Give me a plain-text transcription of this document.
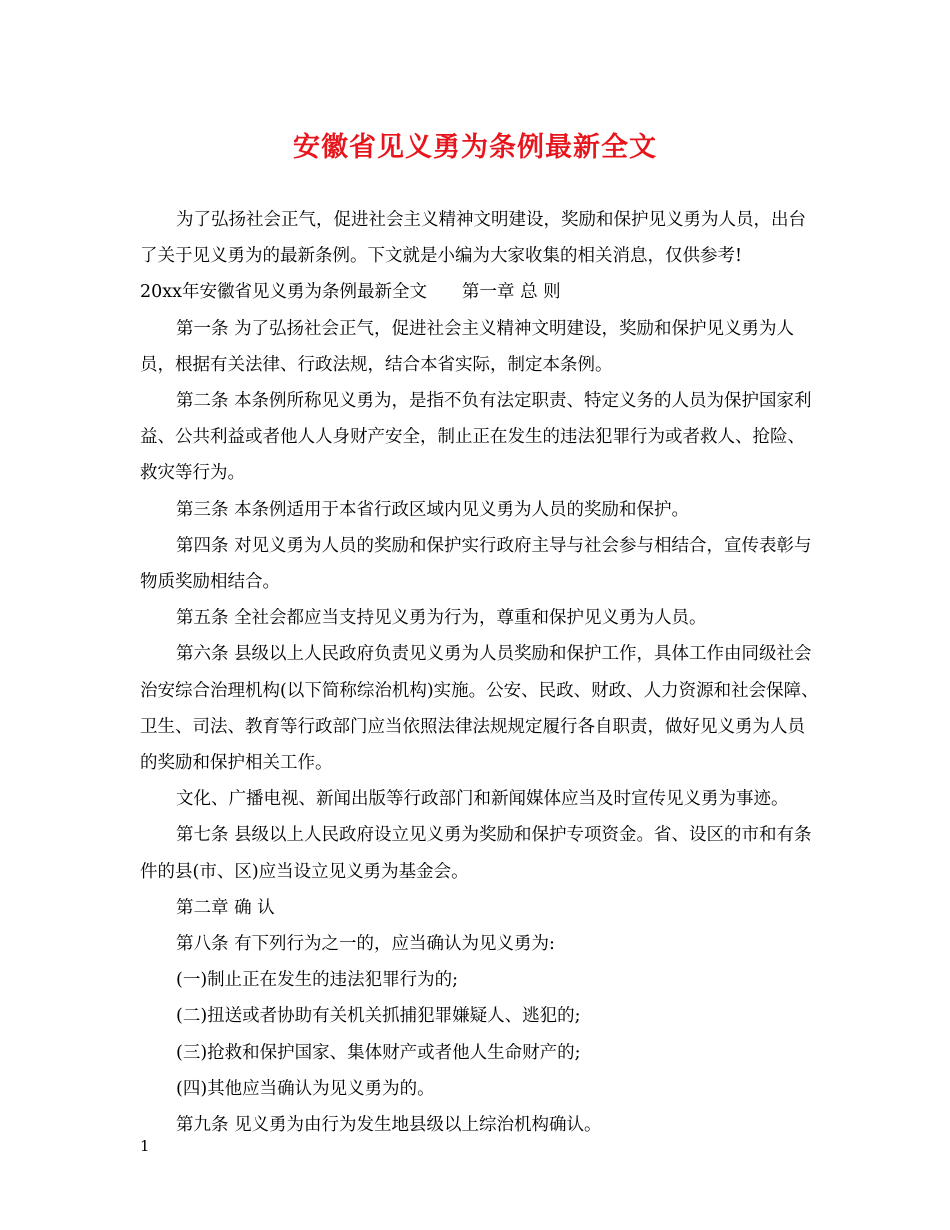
安徽省见义勇为条例最新全文

为了弘扬社会正气，促进社会主义精神文明建设，奖励和保护见义勇为人员，出台了关于见义勇为的最新条例。下文就是小编为大家收集的相关消息，仅供参考!

20xx年安徽省见义勇为条例最新全文　　第一章 总 则

第一条 为了弘扬社会正气，促进社会主义精神文明建设，奖励和保护见义勇为人员，根据有关法律、行政法规，结合本省实际，制定本条例。

第二条 本条例所称见义勇为，是指不负有法定职责、特定义务的人员为保护国家利益、公共利益或者他人人身财产安全，制止正在发生的违法犯罪行为或者救人、抢险、救灾等行为。

第三条 本条例适用于本省行政区域内见义勇为人员的奖励和保护。

第四条 对见义勇为人员的奖励和保护实行政府主导与社会参与相结合，宣传表彰与物质奖励相结合。

第五条 全社会都应当支持见义勇为行为，尊重和保护见义勇为人员。

第六条 县级以上人民政府负责见义勇为人员奖励和保护工作，具体工作由同级社会治安综合治理机构(以下简称综治机构)实施。公安、民政、财政、人力资源和社会保障、卫生、司法、教育等行政部门应当依照法律法规规定履行各自职责，做好见义勇为人员的奖励和保护相关工作。

文化、广播电视、新闻出版等行政部门和新闻媒体应当及时宣传见义勇为事迹。

第七条 县级以上人民政府设立见义勇为奖励和保护专项资金。省、设区的市和有条件的县(市、区)应当设立见义勇为基金会。

第二章 确 认

第八条 有下列行为之一的，应当确认为见义勇为:

(一)制止正在发生的违法犯罪行为的;

(二)扭送或者协助有关机关抓捕犯罪嫌疑人、逃犯的;

(三)抢救和保护国家、集体财产或者他人生命财产的;

(四)其他应当确认为见义勇为的。

第九条 见义勇为由行为发生地县级以上综治机构确认。

1
